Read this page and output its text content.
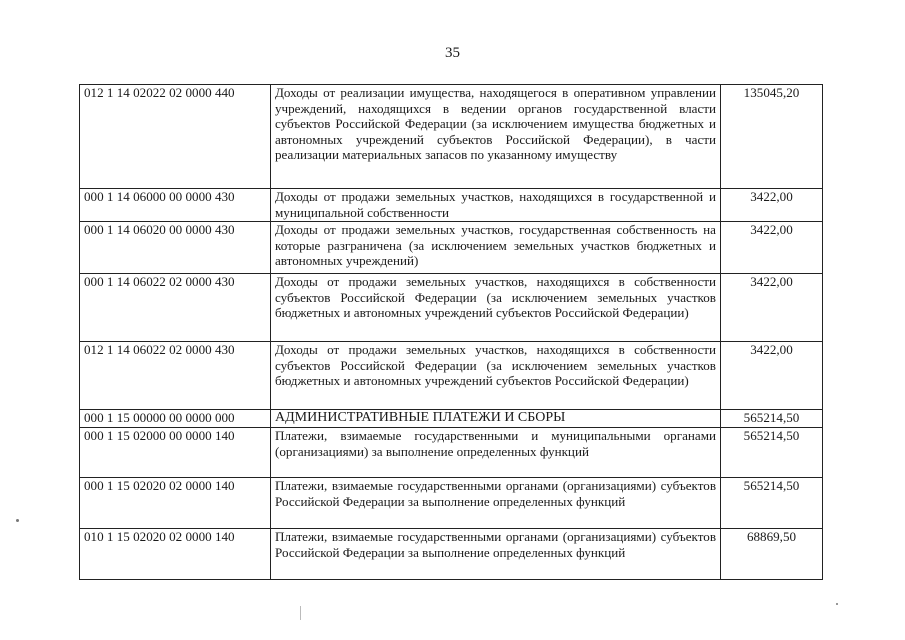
35
012 1 14 02022 02 0000 440	Доходы от реализации имущества, находящегося в оперативном управлении учреждений, находящихся в ведении органов государственной власти субъектов Российской Федерации (за исключением имущества бюджетных и автономных учреждений субъектов Российской Федерации), в части реализации материальных запасов по указанному имуществу	135045,20
000 1 14 06000 00 0000 430	Доходы от продажи земельных участков, находящихся в государственной и муниципальной собственности	3422,00
000 1 14 06020 00 0000 430	Доходы от продажи земельных участков, государственная собственность на которые разграничена (за исключением земельных участков бюджетных и автономных учреждений)	3422,00
000 1 14 06022 02 0000 430	Доходы от продажи земельных участков, находящихся в собственности субъектов Российской Федерации (за исключением земельных участков бюджетных и автономных учреждений субъектов Российской Федерации)	3422,00
012 1 14 06022 02 0000 430	Доходы от продажи земельных участков, находящихся в собственности субъектов Российской Федерации (за исключением земельных участков бюджетных и автономных учреждений субъектов Российской Федерации)	3422,00
000 1 15 00000 00 0000 000	АДМИНИСТРАТИВНЫЕ ПЛАТЕЖИ И СБОРЫ	565214,50
000 1 15 02000 00 0000 140	Платежи, взимаемые государственными и муниципальными органами (организациями) за выполнение определенных функций	565214,50
000 1 15 02020 02 0000 140	Платежи, взимаемые государственными органами (организациями) субъектов Российской Федерации за выполнение определенных функций	565214,50
010 1 15 02020 02 0000 140	Платежи, взимаемые государственными органами (организациями) субъектов Российской Федерации за выполнение определенных функций	68869,50
